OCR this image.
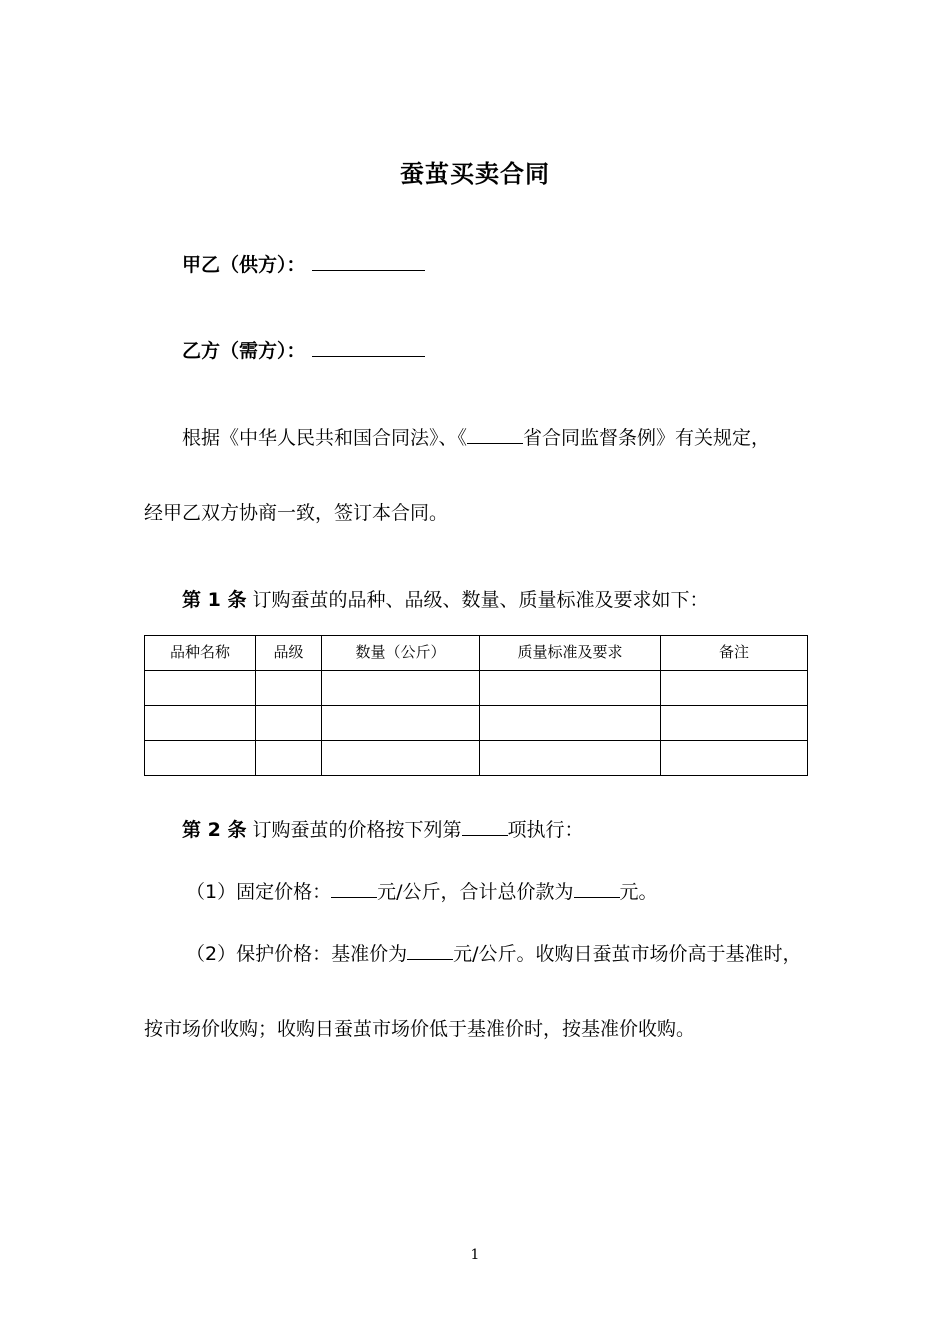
蚕茧买卖合同
甲乙（供方）：
乙方（需方）：
根据《中华人民共和国合同法》、《	省合同监督条例》有关规定，
经甲乙双方协商一致，签订本合同。
第 1 条 订购蚕茧的品种、品级、数量、质量标准及要求如下：
品种名称	品级	数量（公斤）	质量标准及要求	备注

第 2 条 订购蚕茧的价格按下列第 项执行：
（1）固定价格： 元/公斤，合计总价款为 元。
（2）保护价格：基准价为 元/公斤。收购日蚕茧市场价高于基准时，
按市场价收购；收购日蚕茧市场价低于基准价时，按基准价收购。
1
